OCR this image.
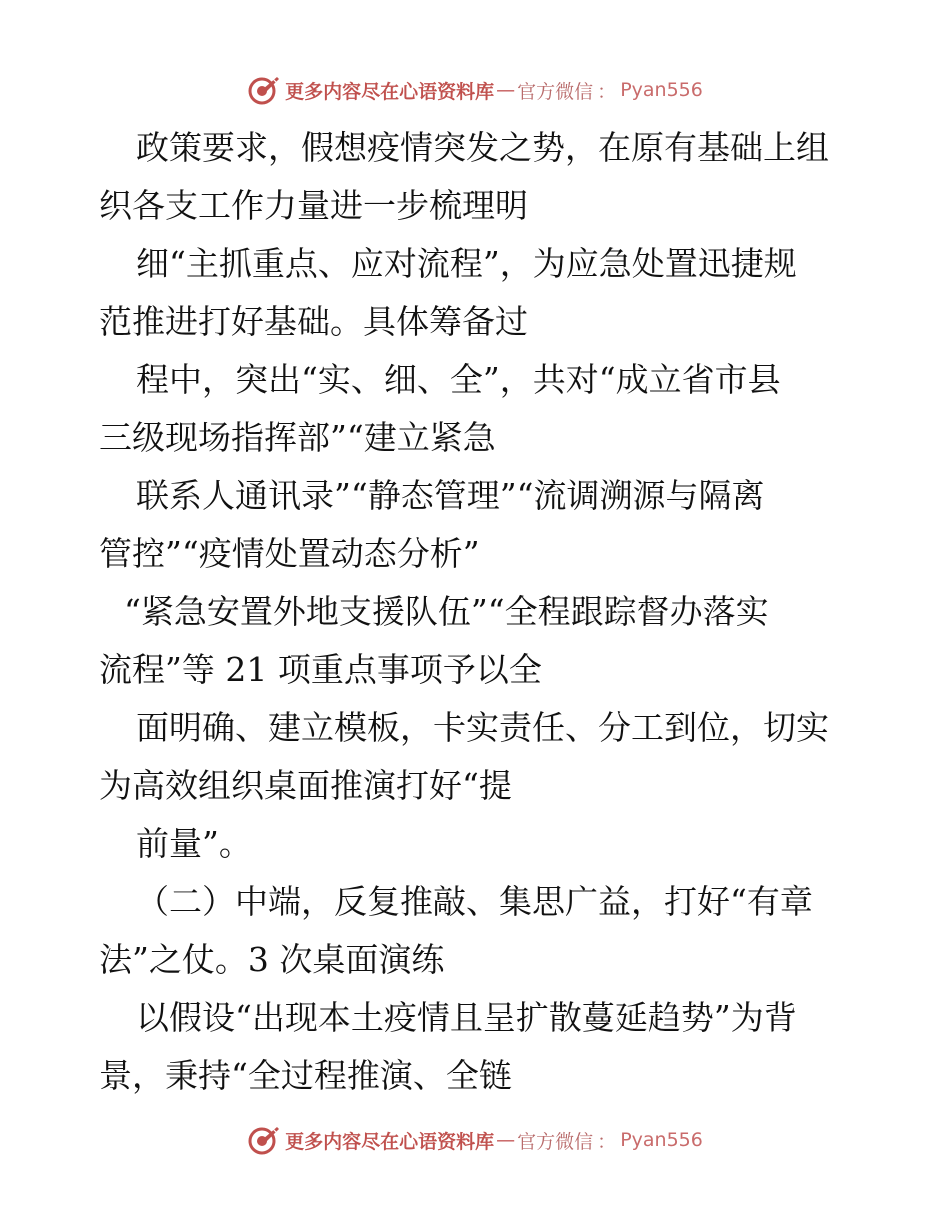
更多内容尽在心语资料库 — 官方微信 ： Pyan556
政策要求，假想疫情突发之势，在原有基础上组
织各支工作力量进一步梳理明
细“主抓重点、应对流程”，为应急处置迅捷规
范推进打好基础。具体筹备过
程中，突出“实、细、全”，共对“成立省市县
三级现场指挥部”“建立紧急
联系人通讯录”“静态管理”“流调溯源与隔离
管控”“疫情处置动态分析”
“紧急安置外地支援队伍”“全程跟踪督办落实
流程”等 21 项重点事项予以全
面明确、建立模板，卡实责任、分工到位，切实
为高效组织桌面推演打好“提
前量”。
（二）中端，反复推敲、集思广益，打好“有章
法”之仗。3 次桌面演练
以假设“出现本土疫情且呈扩散蔓延趋势”为背
景，秉持“全过程推演、全链
更多内容尽在心语资料库 — 官方微信 ： Pyan556
